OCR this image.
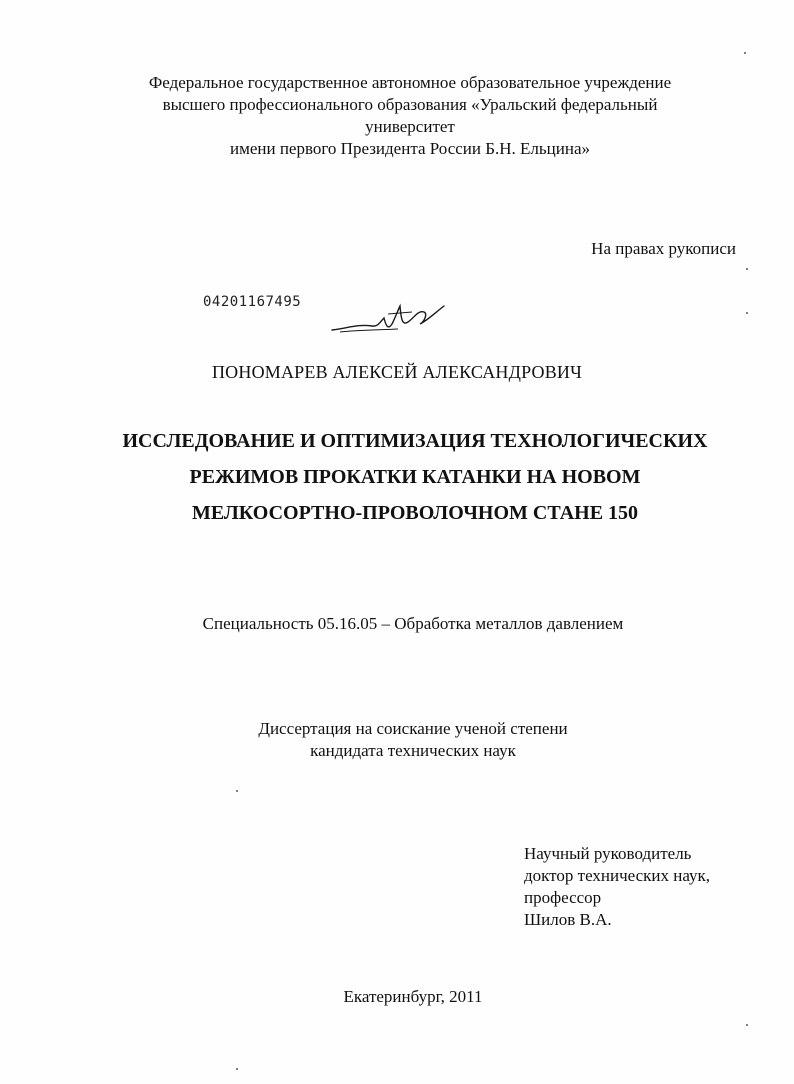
Федеральное государственное автономное образовательное учреждение
высшего профессионального образования «Уральский федеральный
университет
имени первого Президента России Б.Н. Ельцина»
На правах рукописи
04201167495
ПОНОМАРЕВ АЛЕКСЕЙ АЛЕКСАНДРОВИЧ
ИССЛЕДОВАНИЕ И ОПТИМИЗАЦИЯ ТЕХНОЛОГИЧЕСКИХ
РЕЖИМОВ ПРОКАТКИ КАТАНКИ НА НОВОМ
МЕЛКОСОРТНО-ПРОВОЛОЧНОМ СТАНЕ 150
Специальность 05.16.05 – Обработка металлов давлением
Диссертация на соискание ученой степени
кандидата технических наук
Научный руководитель
доктор технических наук,
профессор
Шилов В.А.
Екатеринбург, 2011
